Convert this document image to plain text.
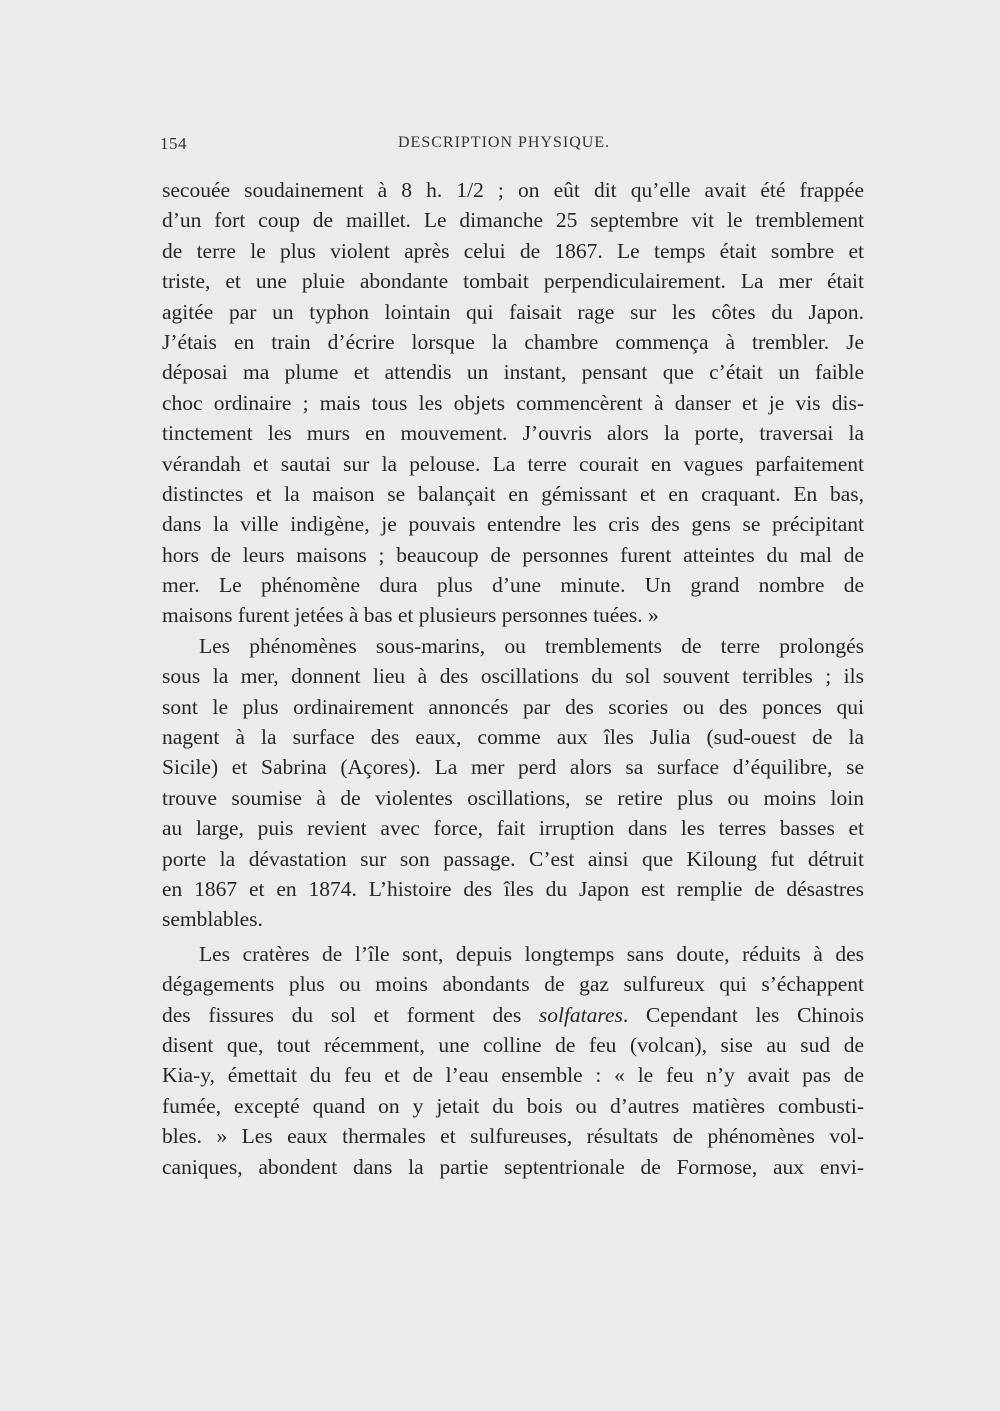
154	DESCRIPTION PHYSIQUE.
secouée soudainement à 8 h. 1/2 ; on eût dit qu’elle avait été frappée
d’un fort coup de maillet. Le dimanche 25 septembre vit le tremblement
de terre le plus violent après celui de 1867. Le temps était sombre et
triste, et une pluie abondante tombait perpendiculairement. La mer était
agitée par un typhon lointain qui faisait rage sur les côtes du Japon.
J’étais en train d’écrire lorsque la chambre commença à trembler. Je
déposai ma plume et attendis un instant, pensant que c’était un faible
choc ordinaire ; mais tous les objets commencèrent à danser et je vis dis-
tinctement les murs en mouvement. J’ouvris alors la porte, traversai la
vérandah et sautai sur la pelouse. La terre courait en vagues parfaitement
distinctes et la maison se balançait en gémissant et en craquant. En bas,
dans la ville indigène, je pouvais entendre les cris des gens se précipitant
hors de leurs maisons ; beaucoup de personnes furent atteintes du mal de
mer. Le phénomène dura plus d’une minute. Un grand nombre de
maisons furent jetées à bas et plusieurs personnes tuées. »
Les phénomènes sous-marins, ou tremblements de terre prolongés
sous la mer, donnent lieu à des oscillations du sol souvent terribles ; ils
sont le plus ordinairement annoncés par des scories ou des ponces qui
nagent à la surface des eaux, comme aux îles Julia (sud-ouest de la
Sicile) et Sabrina (Açores). La mer perd alors sa surface d’équilibre, se
trouve soumise à de violentes oscillations, se retire plus ou moins loin
au large, puis revient avec force, fait irruption dans les terres basses et
porte la dévastation sur son passage. C’est ainsi que Kiloung fut détruit
en 1867 et en 1874. L’histoire des îles du Japon est remplie de désastres
semblables.
Les cratères de l’île sont, depuis longtemps sans doute, réduits à des
dégagements plus ou moins abondants de gaz sulfureux qui s’échappent
des fissures du sol et forment des solfatares. Cependant les Chinois
disent que, tout récemment, une colline de feu (volcan), sise au sud de
Kia-y, émettait du feu et de l’eau ensemble : « le feu n’y avait pas de
fumée, excepté quand on y jetait du bois ou d’autres matières combusti-
bles. » Les eaux thermales et sulfureuses, résultats de phénomènes vol-
caniques, abondent dans la partie septentrionale de Formose, aux envi-
